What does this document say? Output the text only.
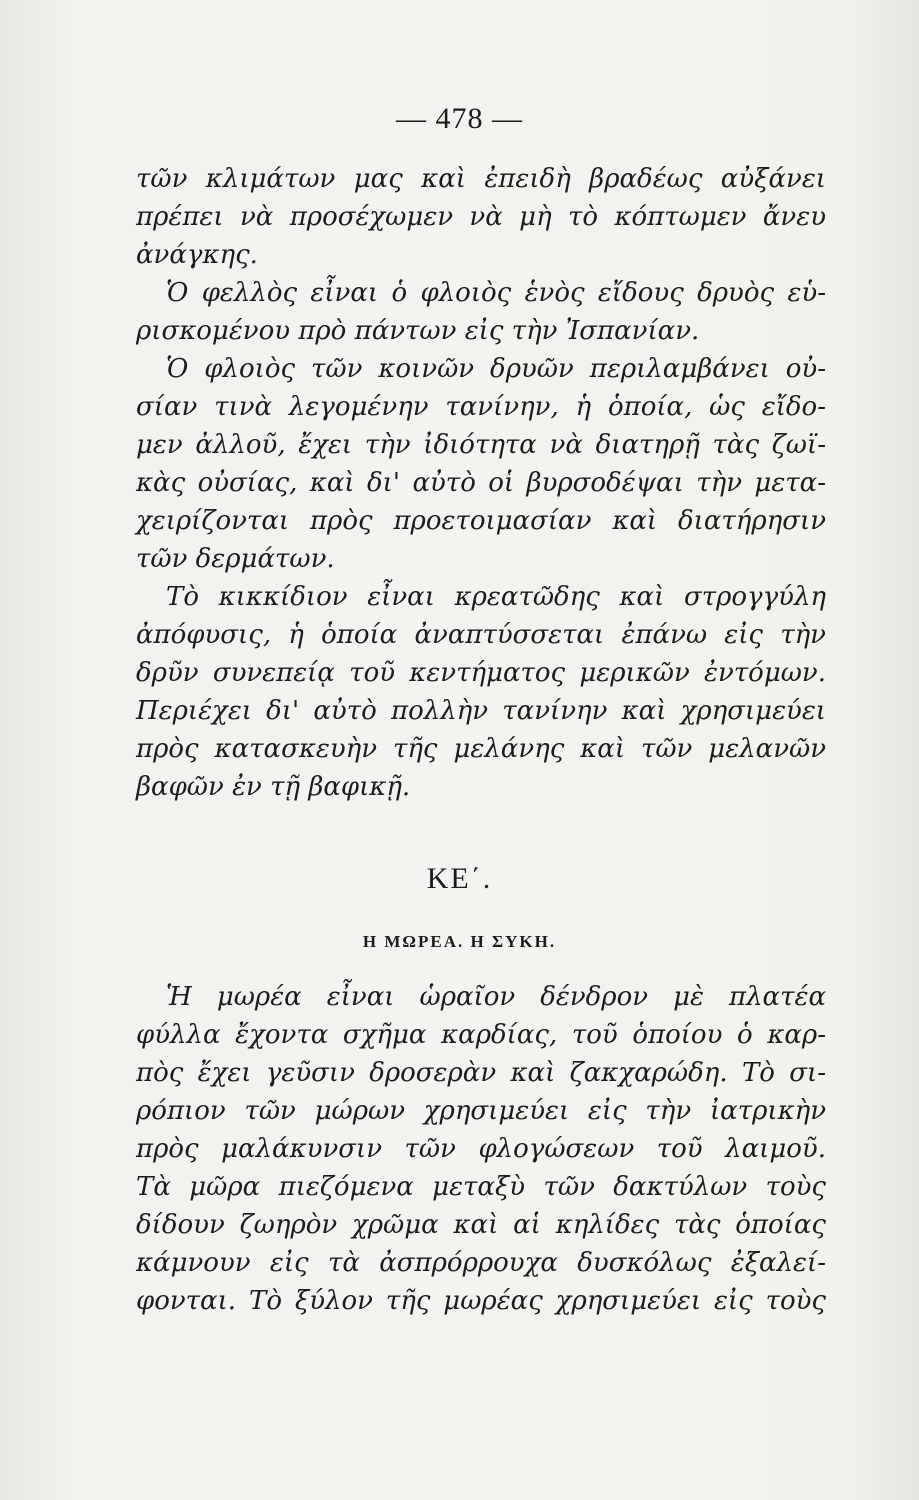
— 478 —
τῶν κλιμάτων μας καὶ ἐπειδὴ βραδέως αὐξάνει
πρέπει νὰ προσέχωμεν νὰ μὴ τὸ κόπτωμεν ἄνευ
ἀνάγκης.
Ὁ φελλὸς εἶναι ὁ φλοιὸς ἑνὸς εἴδους δρυὸς εὑ-
ρισκομένου πρὸ πάντων εἰς τὴν Ἰσπανίαν.
Ὁ φλοιὸς τῶν κοινῶν δρυῶν περιλαμβάνει οὐ-
σίαν τινὰ λεγομένην τανίνην, ἡ ὁποία, ὡς εἴδο-
μεν ἀλλοῦ, ἔχει τὴν ἰδιότητα νὰ διατηρῇ τὰς ζωϊ-
κὰς οὐσίας, καὶ δι' αὐτὸ οἱ βυρσοδέψαι τὴν μετα-
χειρίζονται πρὸς προετοιμασίαν καὶ διατήρησιν
τῶν δερμάτων.
Τὸ κικκίδιον εἶναι κρεατῶδης καὶ στρογγύλη
ἀπόφυσις, ἡ ὁποία ἀναπτύσσεται ἐπάνω εἰς τὴν
δρῦν συνεπείᾳ τοῦ κεντήματος μερικῶν ἐντόμων.
Περιέχει δι' αὐτὸ πολλὴν τανίνην καὶ χρησιμεύει
πρὸς κατασκευὴν τῆς μελάνης καὶ τῶν μελανῶν
βαφῶν ἐν τῇ βαφικῇ.
ΚΕ΄.
Η ΜΩΡΕΑ. Η ΣΥΚΗ.
Ἡ μωρέα εἶναι ὡραῖον δένδρον μὲ πλατέα
φύλλα ἔχοντα σχῆμα καρδίας, τοῦ ὁποίου ὁ καρ-
πὸς ἔχει γεῦσιν δροσερὰν καὶ ζακχαρώδη. Τὸ σι-
ρόπιον τῶν μώρων χρησιμεύει εἰς τὴν ἰατρικὴν
πρὸς μαλάκυνσιν τῶν φλογώσεων τοῦ λαιμοῦ.
Τὰ μῶρα πιεζόμενα μεταξὺ τῶν δακτύλων τοὺς
δίδουν ζωηρὸν χρῶμα καὶ αἱ κηλίδες τὰς ὁποίας
κάμνουν εἰς τὰ ἀσπρόρρουχα δυσκόλως ἐξαλεί-
φονται. Τὸ ξύλον τῆς μωρέας χρησιμεύει εἰς τοὺς
